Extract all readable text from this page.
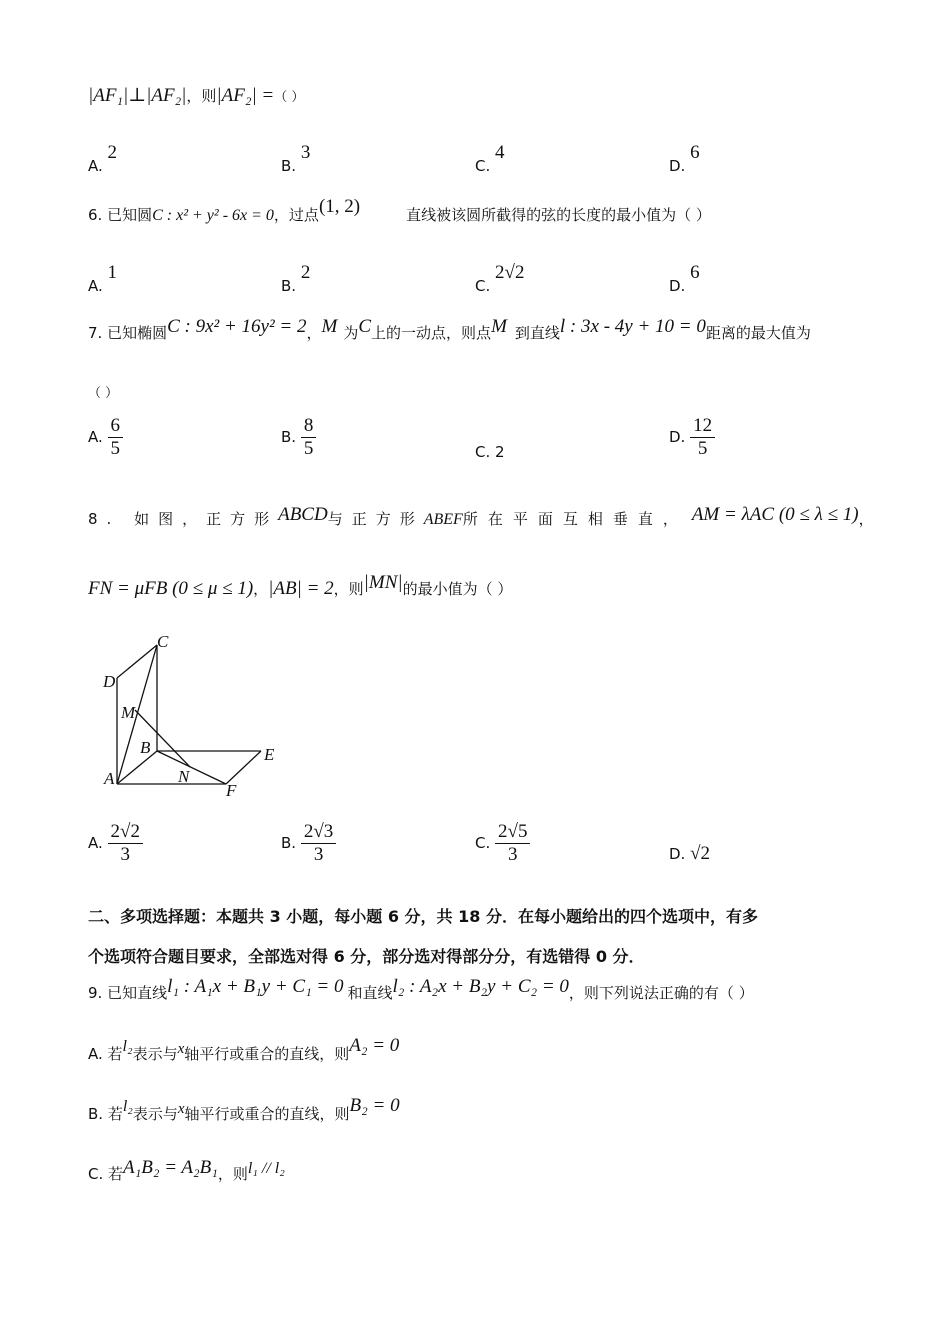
|AF₁|⊥|AF₂|，则|AF₂| =（ ）
A. 2
B. 3
C. 4
D. 6
6. 已知圆C : x² + y² - 6x = 0，过点(1, 2)	直线被该圆所截得的弦的长度的最小值为（ ）
A. 1
B. 2
C. 2√2
D. 6
7. 已知椭圆C : 9x² + 16y² = 2，M 为C上的一动点，则点M 到直线l : 3x - 4y + 10 = 0距离的最大值为
（ ）
A. $\frac{6}{5}$	B. $\frac{8}{5}$	C. 2
D. $\frac{12}{5}$
8. 如图，正方形ABCD与正方形ABEF所在平面互相垂直， AM = λAC (0 ≤ λ ≤ 1)，
FN = μFB (0 ≤ μ ≤ 1)，|AB| = 2，则|MN|的最小值为（ ）
C
D
M
B	E
A	N
F
A. $\frac{2√2}{3}$	B. $\frac{2√3}{3}$	C. $\frac{2√5}{3}$	D. √2
二、多项选择题：本题共 3 小题，每小题 6 分，共 18 分．在每小题给出的四个选项中，有多
个选项符合题目要求，全部选对得 6 分，部分选对得部分分，有选错得 0 分．
9. 已知直线l₁ : A₁x + B₁y + C₁ = 0 和直线l₂ : A₂x + B₂y + C₂ = 0，则下列说法正确的有（ ）
A. 若l₂表示与x轴平行或重合的直线，则A₂ = 0
B. 若l₂表示与x轴平行或重合的直线，则B₂ = 0
C. 若A₁B₂ = A₂B₁，则l₁ // l₂
